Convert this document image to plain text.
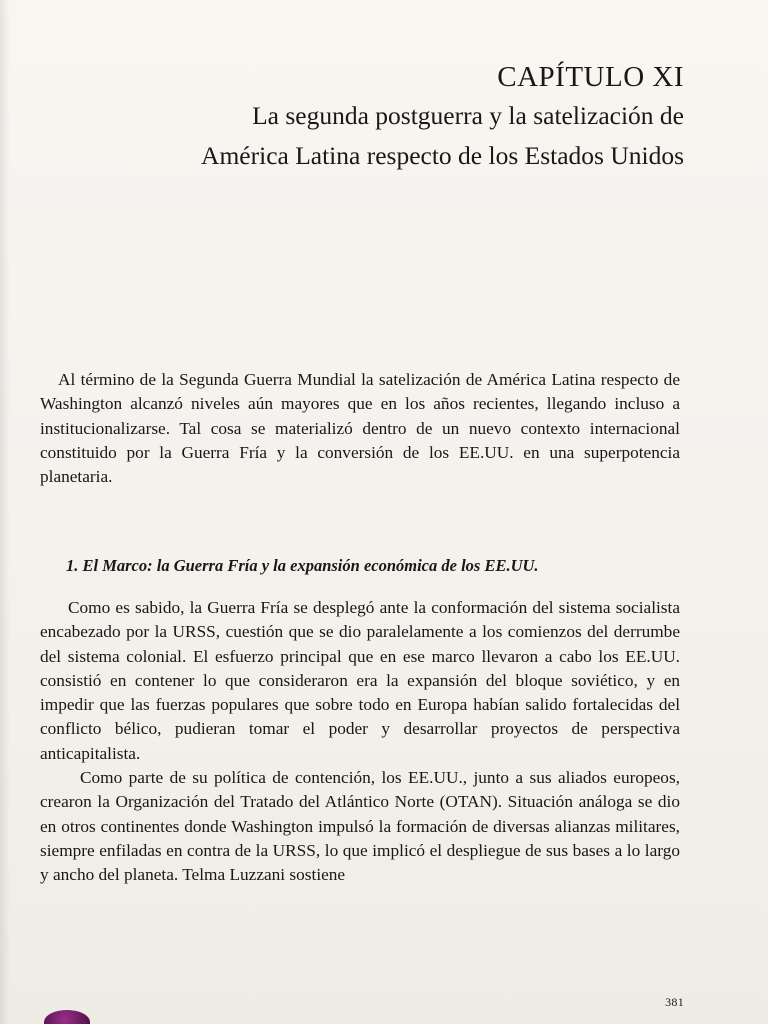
CAPÍTULO XI
La segunda postguerra y la satelización de
América Latina respecto de los Estados Unidos

Al término de la Segunda Guerra Mundial la satelización de América Latina respecto de Washington alcanzó niveles aún mayores que en los años recientes, llegando incluso a institucionalizarse. Tal cosa se materializó dentro de un nuevo contexto internacional constituido por la Guerra Fría y la conversión de los EE.UU. en una superpotencia planetaria.

1. El Marco: la Guerra Fría y la expansión económica de los EE.UU.

Como es sabido, la Guerra Fría se desplegó ante la conformación del sistema socialista encabezado por la URSS, cuestión que se dio paralelamente a los comienzos del derrumbe del sistema colonial. El esfuerzo principal que en ese marco llevaron a cabo los EE.UU. consistió en contener lo que consideraron era la expansión del bloque soviético, y en impedir que las fuerzas populares que sobre todo en Europa habían salido fortalecidas del conflicto bélico, pudieran tomar el poder y desarrollar proyectos de perspectiva anticapitalista.

Como parte de su política de contención, los EE.UU., junto a sus aliados europeos, crearon la Organización del Tratado del Atlántico Norte (OTAN). Situación análoga se dio en otros continentes donde Washington impulsó la formación de diversas alianzas militares, siempre enfiladas en contra de la URSS, lo que implicó el despliegue de sus bases a lo largo y ancho del planeta. Telma Luzzani sostiene

381
